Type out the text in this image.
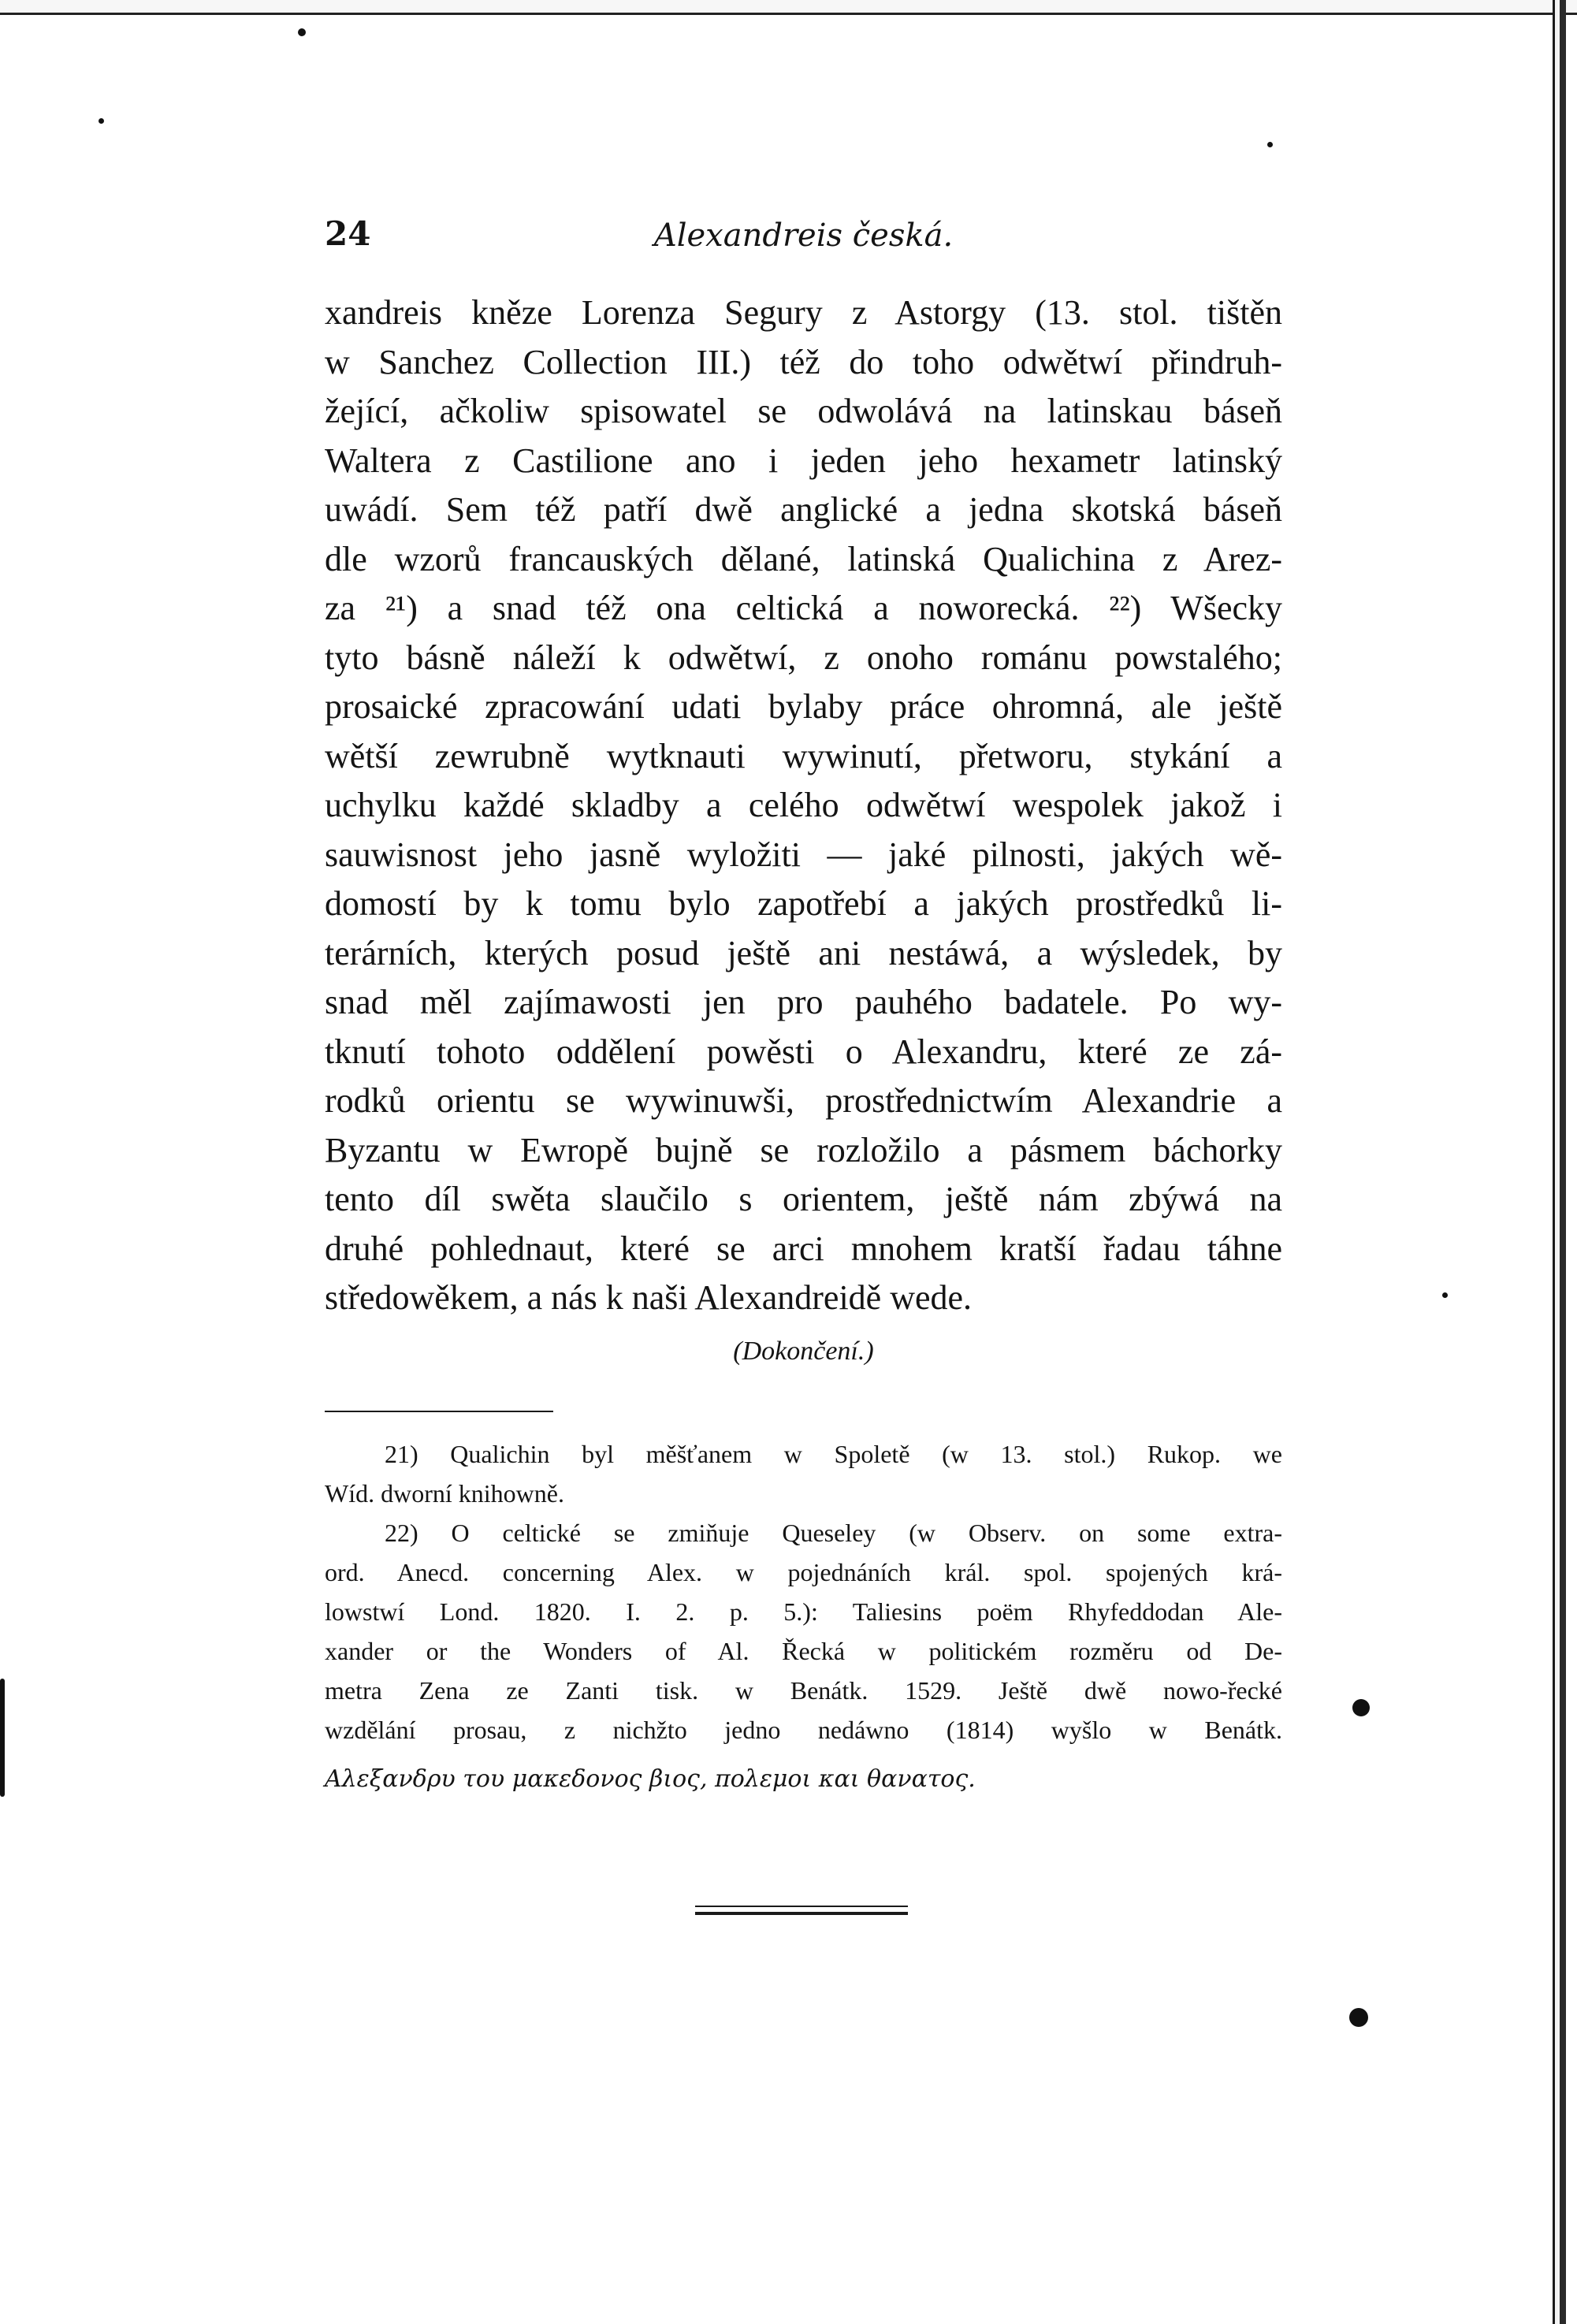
24	Alexandreis česká.
xandreis kněze Lorenza Segury z Astorgy (13. stol. tištěn
w Sanchez Collection III.) též do toho odwětwí přindruh-
žející, ačkoliw spisowatel se odwolává na latinskau báseň
Waltera z Castilione ano i jeden jeho hexametr latinský
uwádí. Sem též patří dwě anglické a jedna skotská báseň
dle wzorů francauských dělané, latinská Qualichina z Arez-
za ²¹) a snad též ona celtická a noworecká. ²²) Wšecky
tyto básně náleží k odwětwí, z onoho románu powstalého;
prosaické zpracowání udati bylaby práce ohromná, ale ještě
wětší zewrubně wytknauti wywinutí, přetworu, stykání a
uchylku každé skladby a celého odwětwí wespolek jakož i
sauwisnost jeho jasně wyložiti — jaké pilnosti, jakých wě-
domostí by k tomu bylo zapotřebí a jakých prostředků li-
terárních, kterých posud ještě ani nestáwá, a wýsledek, by
snad měl zajímawosti jen pro pauhého badatele. Po wy-
tknutí tohoto oddělení powěsti o Alexandru, které ze zá-
rodků orientu se wywinuwši, prostřednictwím Alexandrie a
Byzantu w Ewropě bujně se rozložilo a pásmem báchorky
tento díl swěta slaučilo s orientem, ještě nám zbýwá na
druhé pohlednaut, které se arci mnohem kratší řadau táhne
středowěkem, a nás k naši Alexandreidě wede.
(Dokončení.)
21) Qualichin byl měšťanem w Spoletě (w 13. stol.) Rukop. we
Wíd. dworní knihowně.
22) O celtické se zmiňuje Queseley (w Observ. on some extra-
ord. Anecd. concerning Alex. w pojednáních král. spol. spojených krá-
lowstwí Lond. 1820. I. 2. p. 5.): Taliesins poëm Rhyfeddodan Ale-
xander or the Wonders of Al. Řecká w politickém rozměru od De-
metra Zena ze Zanti tisk. w Benátk. 1529. Ještě dwě nowo-řecké
wzdělání prosau, z nichžto jedno nedáwno (1814) wyšlo w Benátk.
Αλεξανδρυ του μακεδονος βιος, πολεμοι και θανατος.
